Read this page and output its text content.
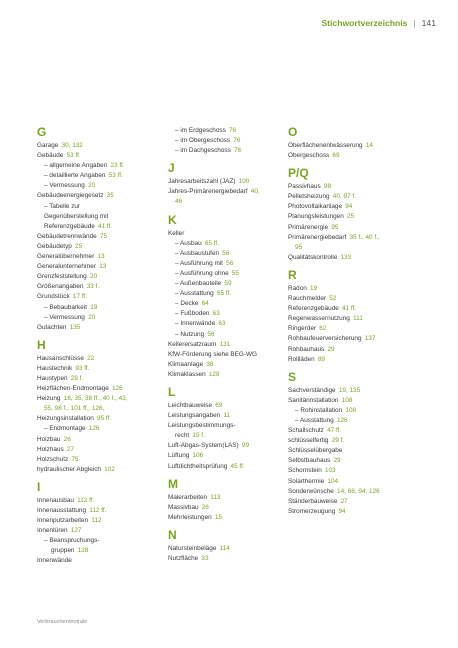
Stichwortverzeichnis | 141
G
Garage  30, 132
Gebäude  53 ff.
– allgemeine Angaben  23 ff.
– detaillierte Angaben  53 ff.
– Vermessung  20
Gebäudeenergiegesetz  35
– Tabelle zur
Gegenüberstellung mit
Referenzgebäude  41 ff.
Gebäudetrennwände  75
Gebäudetyp  25
Generalübernehmer  13
Generalunternehmer  13
Grenzfeststellung  20
Größenangaben  33 f.
Grundstück  17 ff.
– Bebaubarkeit  19
– Vermessung  20
Gutachten  135
H
Hausanschlüsse  22
Haustechnik  93 ff.
Haustypen  28 f.
Heizflächen-Endmontage  126
Heizung  16, 35, 38 ff., 40 f., 43,
55, 98 f., 101 ff., 126,
Heizungsinstallation  95 ff.
– Endmontage  126
Holzbau  26
Holzhaus  27
Holzschutz  75
hydraulischer Abgleich  102
I
Innenausbau  112 ff.
Innenausstattung  112 ff.
Innenputzarbeiten  112
Innentüren  127
– Beanspruchungs-
gruppen  128
Innenwände
– im Erdgeschoss  76
– im Obergeschoss  76
– im Dachgeschoss  76
J
Jahresarbeitszahl (JAZ)  100
Jahres-Primärenergiebedarf  40,
46
K
Keller
– Ausbau  65 ff.
– Ausbaustufen  56
– Ausführung mit  56
– Ausführung ohne  55
– Außenbauteile  59
– Ausstattung  65 ff.
– Decke  64
– Fußboden  63
– Innenwände  63
– Nutzung  56
Kellerersatzraum  131
KfW-Förderung siehe BEG-WG
Klimaanlage  38
Klimaklassen  128
L
Leichtbauweise  69
Leistungsangaben  11
Leistungsbestimmungs-
recht  15 f.
Luft-Abgas-System(LAS)  99
Lüftung  106
Luftdichtheitsprüfung  45 ff.
M
Malerarbeiten  113
Massivbau  26
Mehrleistungen  15
N
Natursteinbeläge  114
Nutzfläche  33
O
Oberflächenentwässerung  14
Obergeschoss  69
P/Q
Passivhaus  98
Pelletsheizung  40, 97 f.
Photovoltaikanlage  94
Planungsleistungen  25
Primärenergie  95
Primärenergiebedarf  35 f., 40 f.,
95
Qualitätskontrolle  133
R
Radon  19
Rauchmelder  52
Referenzgebäude  41 ff.
Regenwassernutzung  111
Ringerder  62
Rohbaufeuerversicherung  137
Rohbauhaus  29
Rollläden  89
S
Sachverständige  19, 135
Sanitärinstallation  108
– Rohinstallation  108
– Ausstattung  126
Schallschutz  47 ff.
schlüsselfertig  29 f.
Schlüsselübergabe
Selbstbauhaus  29
Schornstein  103
Solarthermie  104
Sonderwünsche  14, 68, 94, 126
Ständerbauweise  27
Stromerzeugung  94
Verbraucherzentrale
